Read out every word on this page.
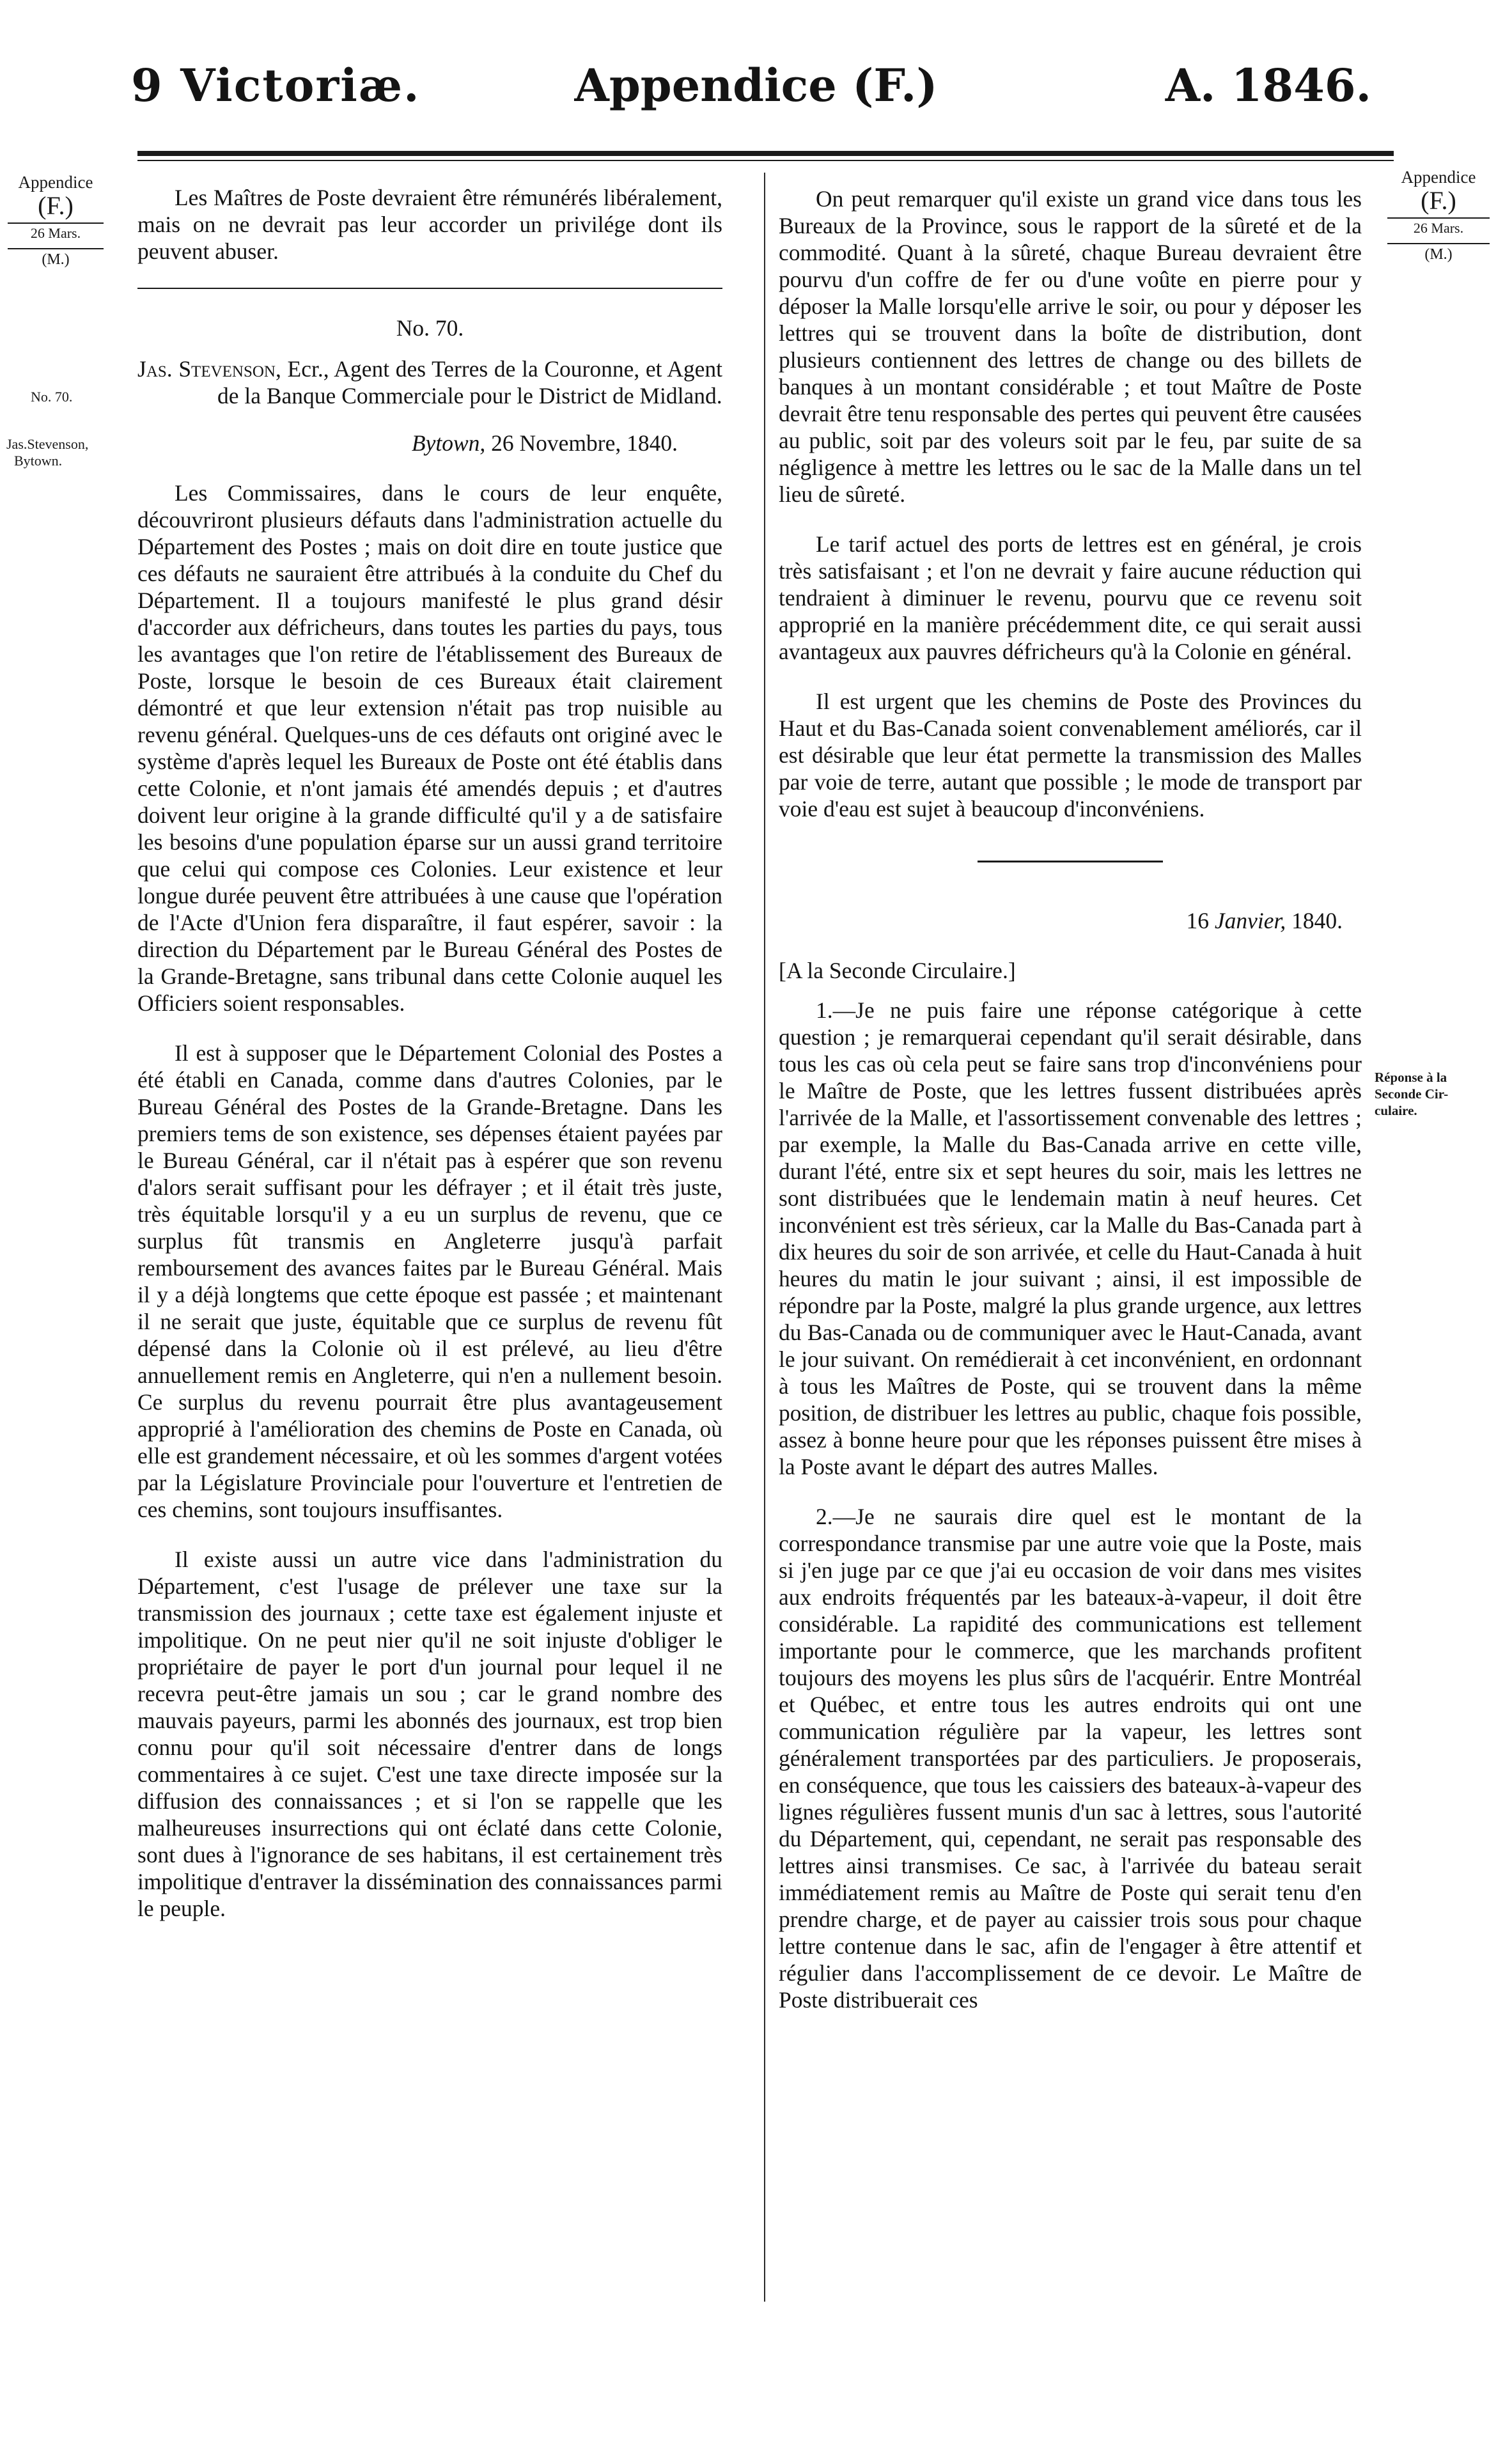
9 Victoriæ.	Appendice (F.)	A. 1846.
Appendice
(F.)
26 Mars.
(M.)
No. 70.
Jas.Stevenson,
Bytown.
Appendice
(F.)
26 Mars.
(M.)
Réponse à la
Seconde Cir-
culaire.

Les Maîtres de Poste devraient être rémunérés libéralement, mais on ne devrait pas leur accorder un privilége dont ils peuvent abuser.

No. 70.

Jas. Stevenson, Ecr., Agent des Terres de la Couronne, et Agent de la Banque Commerciale pour le District de Midland.

Bytown, 26 Novembre, 1840.

Les Commissaires, dans le cours de leur enquête, découvriront plusieurs défauts dans l'administration actuelle du Département des Postes ; mais on doit dire en toute justice que ces défauts ne sauraient être attribués à la conduite du Chef du Département. Il a toujours manifesté le plus grand désir d'accorder aux défricheurs, dans toutes les parties du pays, tous les avantages que l'on retire de l'établissement des Bureaux de Poste, lorsque le besoin de ces Bureaux était clairement démontré et que leur extension n'était pas trop nuisible au revenu général. Quelques-uns de ces défauts ont originé avec le système d'après lequel les Bureaux de Poste ont été établis dans cette Colonie, et n'ont jamais été amendés depuis ; et d'autres doivent leur origine à la grande difficulté qu'il y a de satisfaire les besoins d'une population éparse sur un aussi grand territoire que celui qui compose ces Colonies. Leur existence et leur longue durée peuvent être attribuées à une cause que l'opération de l'Acte d'Union fera disparaître, il faut espérer, savoir : la direction du Département par le Bureau Général des Postes de la Grande-Bretagne, sans tribunal dans cette Colonie auquel les Officiers soient responsables.

Il est à supposer que le Département Colonial des Postes a été établi en Canada, comme dans d'autres Colonies, par le Bureau Général des Postes de la Grande-Bretagne. Dans les premiers tems de son existence, ses dépenses étaient payées par le Bureau Général, car il n'était pas à espérer que son revenu d'alors serait suffisant pour les défrayer ; et il était très juste, très équitable lorsqu'il y a eu un surplus de revenu, que ce surplus fût transmis en Angleterre jusqu'à parfait remboursement des avances faites par le Bureau Général. Mais il y a déjà longtems que cette époque est passée ; et maintenant il ne serait que juste, équitable que ce surplus de revenu fût dépensé dans la Colonie où il est prélevé, au lieu d'être annuellement remis en Angleterre, qui n'en a nullement besoin. Ce surplus du revenu pourrait être plus avantageusement approprié à l'amélioration des chemins de Poste en Canada, où elle est grandement nécessaire, et où les sommes d'argent votées par la Législature Provinciale pour l'ouverture et l'entretien de ces chemins, sont toujours insuffisantes.

Il existe aussi un autre vice dans l'administration du Département, c'est l'usage de prélever une taxe sur la transmission des journaux ; cette taxe est également injuste et impolitique. On ne peut nier qu'il ne soit injuste d'obliger le propriétaire de payer le port d'un journal pour lequel il ne recevra peut-être jamais un sou ; car le grand nombre des mauvais payeurs, parmi les abonnés des journaux, est trop bien connu pour qu'il soit nécessaire d'entrer dans de longs commentaires à ce sujet. C'est une taxe directe imposée sur la diffusion des connaissances ; et si l'on se rappelle que les malheureuses insurrections qui ont éclaté dans cette Colonie, sont dues à l'ignorance de ses habitans, il est certainement très impolitique d'entraver la dissémination des connaissances parmi le peuple.

On peut remarquer qu'il existe un grand vice dans tous les Bureaux de la Province, sous le rapport de la sûreté et de la commodité. Quant à la sûreté, chaque Bureau devraient être pourvu d'un coffre de fer ou d'une voûte en pierre pour y déposer la Malle lorsqu'elle arrive le soir, ou pour y déposer les lettres qui se trouvent dans la boîte de distribution, dont plusieurs contiennent des lettres de change ou des billets de banques à un montant considérable ; et tout Maître de Poste devrait être tenu responsable des pertes qui peuvent être causées au public, soit par des voleurs soit par le feu, par suite de sa négligence à mettre les lettres ou le sac de la Malle dans un tel lieu de sûreté.

Le tarif actuel des ports de lettres est en général, je crois très satisfaisant ; et l'on ne devrait y faire aucune réduction qui tendraient à diminuer le revenu, pourvu que ce revenu soit approprié en la manière précédemment dite, ce qui serait aussi avantageux aux pauvres défricheurs qu'à la Colonie en général.

Il est urgent que les chemins de Poste des Provinces du Haut et du Bas-Canada soient convenablement améliorés, car il est désirable que leur état permette la transmission des Malles par voie de terre, autant que possible ; le mode de transport par voie d'eau est sujet à beaucoup d'inconvéniens.

16 Janvier, 1840.

[A la Seconde Circulaire.]

1.—Je ne puis faire une réponse catégorique à cette question ; je remarquerai cependant qu'il serait désirable, dans tous les cas où cela peut se faire sans trop d'inconvéniens pour le Maître de Poste, que les lettres fussent distribuées après l'arrivée de la Malle, et l'assortissement convenable des lettres ; par exemple, la Malle du Bas-Canada arrive en cette ville, durant l'été, entre six et sept heures du soir, mais les lettres ne sont distribuées que le lendemain matin à neuf heures. Cet inconvénient est très sérieux, car la Malle du Bas-Canada part à dix heures du soir de son arrivée, et celle du Haut-Canada à huit heures du matin le jour suivant ; ainsi, il est impossible de répondre par la Poste, malgré la plus grande urgence, aux lettres du Bas-Canada ou de communiquer avec le Haut-Canada, avant le jour suivant. On remédierait à cet inconvénient, en ordonnant à tous les Maîtres de Poste, qui se trouvent dans la même position, de distribuer les lettres au public, chaque fois possible, assez à bonne heure pour que les réponses puissent être mises à la Poste avant le départ des autres Malles.

2.—Je ne saurais dire quel est le montant de la correspondance transmise par une autre voie que la Poste, mais si j'en juge par ce que j'ai eu occasion de voir dans mes visites aux endroits fréquentés par les bateaux-à-vapeur, il doit être considérable. La rapidité des communications est tellement importante pour le commerce, que les marchands profitent toujours des moyens les plus sûrs de l'acquérir. Entre Montréal et Québec, et entre tous les autres endroits qui ont une communication régulière par la vapeur, les lettres sont généralement transportées par des particuliers. Je proposerais, en conséquence, que tous les caissiers des bateaux-à-vapeur des lignes régulières fussent munis d'un sac à lettres, sous l'autorité du Département, qui, cependant, ne serait pas responsable des lettres ainsi transmises. Ce sac, à l'arrivée du bateau serait immédiatement remis au Maître de Poste qui serait tenu d'en prendre charge, et de payer au caissier trois sous pour chaque lettre contenue dans le sac, afin de l'engager à être attentif et régulier dans l'accomplissement de ce devoir. Le Maître de Poste distribuerait ces
